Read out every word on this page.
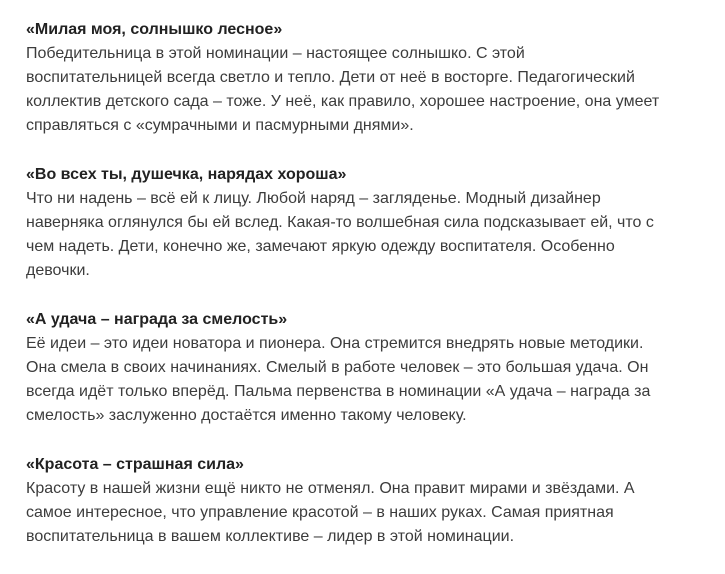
«Милая моя, солнышко лесное»

Победительница в этой номинации – настоящее солнышко. С этой
воспитательницей всегда светло и тепло. Дети от неё в восторге. Педагогический
коллектив детского сада – тоже. У неё, как правило, хорошее настроение, она умеет
справляться с «сумрачными и пасмурными днями».

«Во всех ты, душечка, нарядах хороша»

Что ни надень – всё ей к лицу. Любой наряд – загляденье. Модный дизайнер
наверняка оглянулся бы ей вслед. Какая-то волшебная сила подсказывает ей, что с
чем надеть. Дети, конечно же, замечают яркую одежду воспитателя. Особенно
девочки.

«А удача – награда за смелость»

Её идеи – это идеи новатора и пионера. Она стремится внедрять новые методики.
Она смела в своих начинаниях. Смелый в работе человек – это большая удача. Он
всегда идёт только вперёд. Пальма первенства в номинации «А удача – награда за
смелость» заслуженно достаётся именно такому человеку.

«Красота – страшная сила»

Красоту в нашей жизни ещё никто не отменял. Она правит мирами и звёздами. А
самое интересное, что управление красотой – в наших руках. Самая приятная
воспитательница в вашем коллективе – лидер в этой номинации.
